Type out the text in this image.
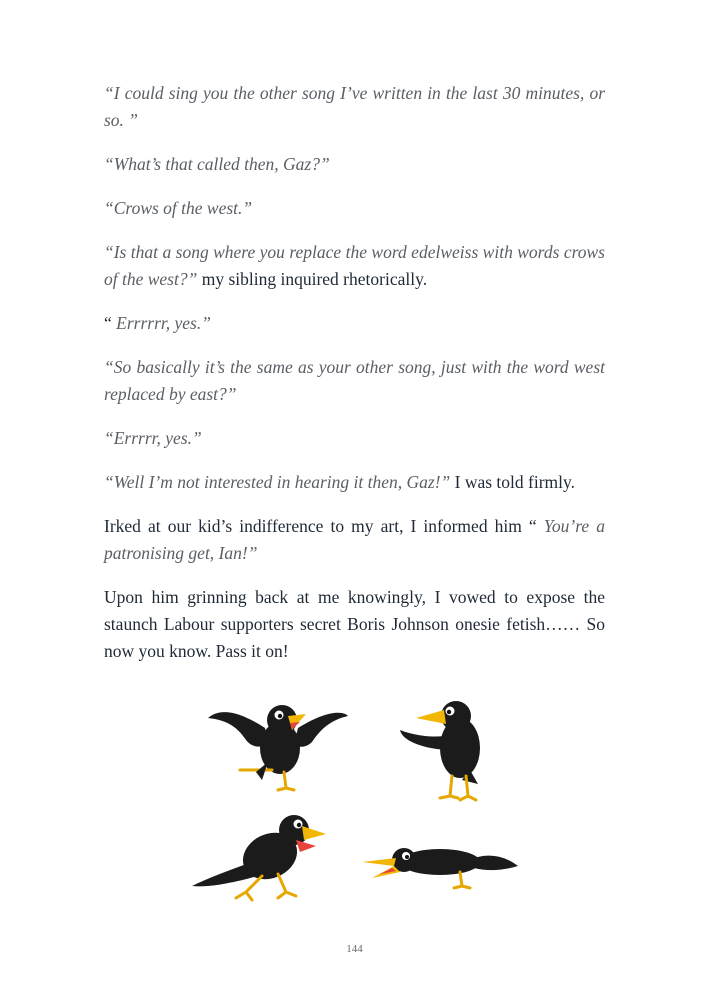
“I could sing you the other song I’ve written in the last 30 minutes, or so. ”

“What’s that called then, Gaz?”

“Crows of the west.”

“Is that a song where you replace the word edelweiss with words crows of the west?” my sibling inquired rhetorically.

“ Errrrrr, yes.”

“So basically it’s the same as your other song, just with the word west replaced by east?”

“Errrrr, yes.”

“Well I’m not interested in hearing it then, Gaz!” I was told firmly.

Irked at our kid’s indifference to my art, I informed him “ You’re a patronising get, Ian!”

Upon him grinning back at me knowingly, I vowed to expose the staunch Labour supporters secret Boris Johnson onesie fetish…… So now you know. Pass it on!

144
